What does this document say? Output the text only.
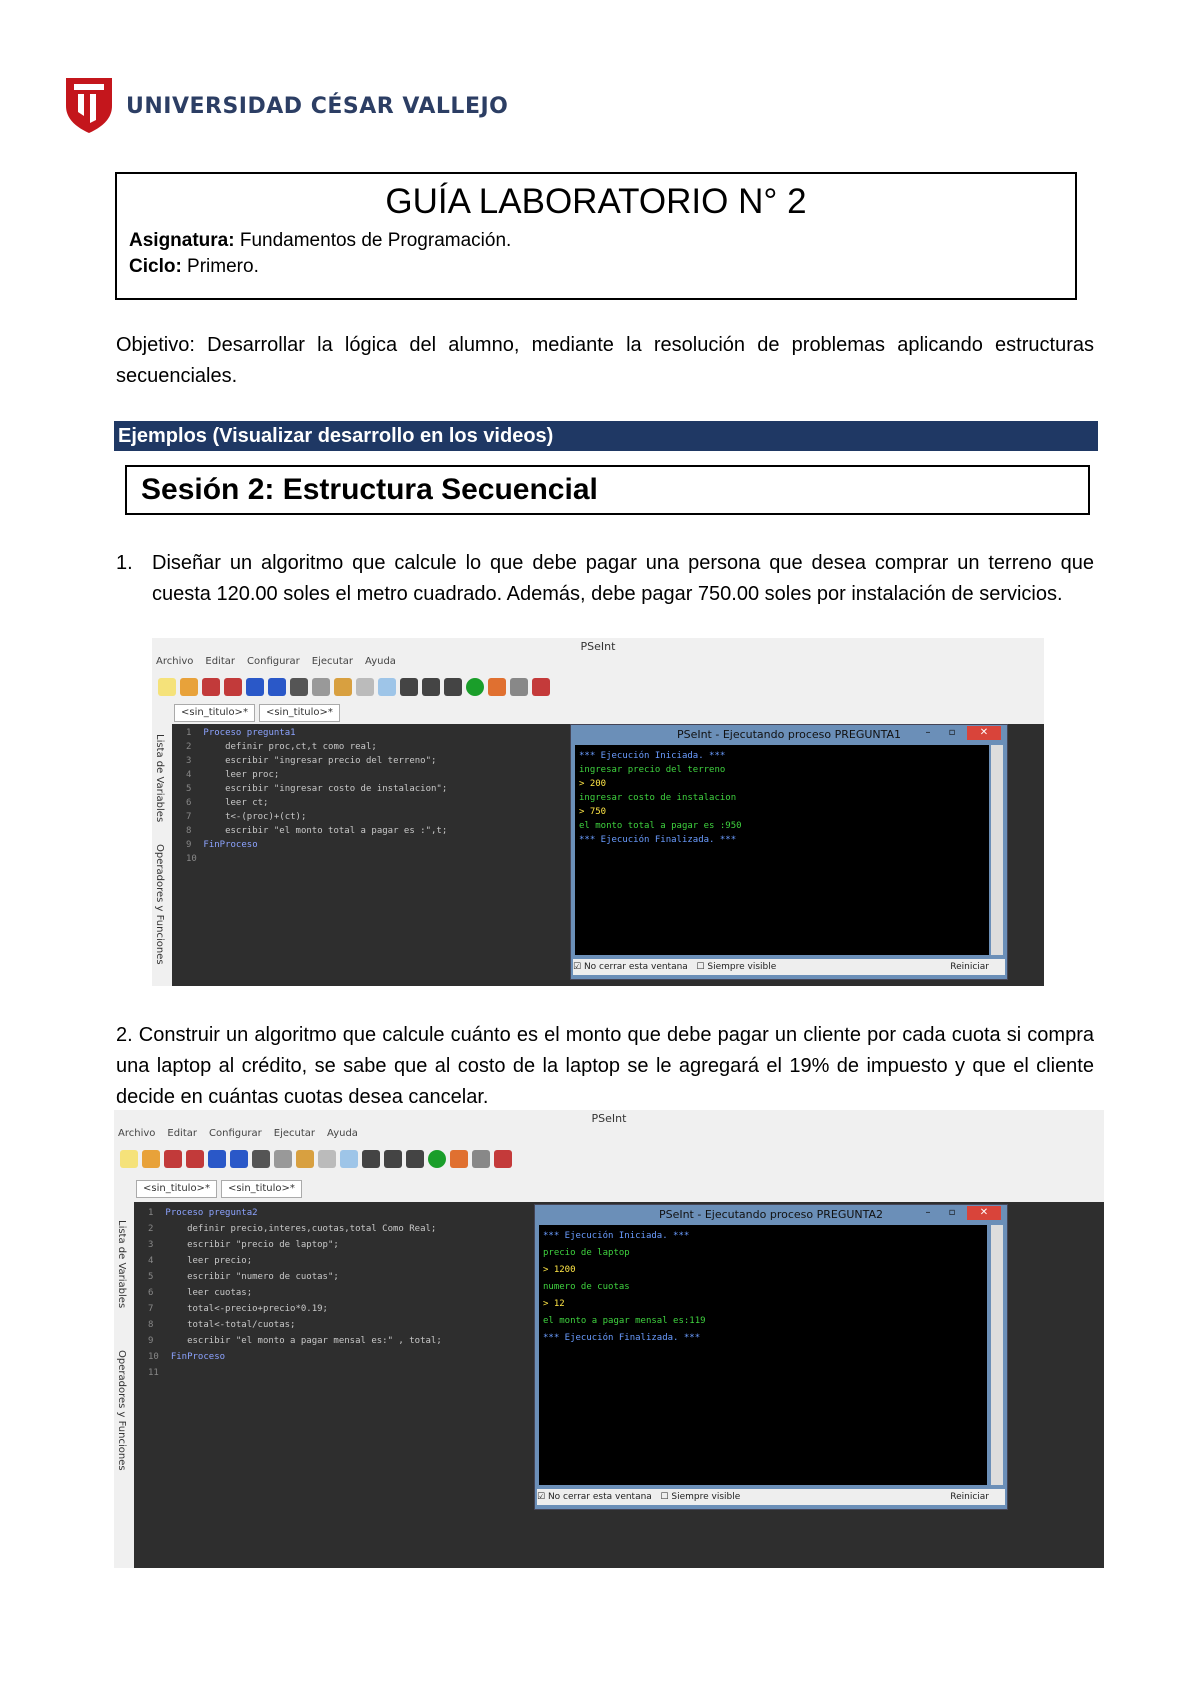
UNIVERSIDAD CÉSAR VALLEJO
GUÍA LABORATORIO N° 2
Asignatura: Fundamentos de Programación.
Ciclo: Primero.
Objetivo: Desarrollar la lógica del alumno, mediante la resolución de problemas aplicando estructuras secuenciales.
Ejemplos (Visualizar desarrollo en los videos)
Sesión 2: Estructura Secuencial
1. Diseñar un algoritmo que calcule lo que debe pagar una persona que desea comprar un terreno que cuesta 120.00 soles el metro cuadrado. Además, debe pagar 750.00 soles por instalación de servicios.
PSeInt
Archivo Editar Configurar Ejecutar Ayuda
<sin_titulo>*	<sin_titulo>*
Lista de Variables
Operadores y Funciones
1 Proceso pregunta1
2    definir proc,ct,t como real;
3    escribir "ingresar precio del terreno";
4    leer proc;
5    escribir "ingresar costo de instalacion";
6    leer ct;
7    t<-(proc)+(ct);
8    escribir "el monto total a pagar es :",t;
9 FinProceso
10
PSeInt - Ejecutando proceso PREGUNTA1	–	▫	✕
*** Ejecución Iniciada. ***
ingresar precio del terreno
> 200
ingresar costo de instalacion
> 750
el monto total a pagar es :950
*** Ejecución Finalizada. ***
☑ No cerrar esta ventana ☐ Siempre visible	Reiniciar
2. Construir un algoritmo que calcule cuánto es el monto que debe pagar un cliente por cada cuota si compra una laptop al crédito, se sabe que al costo de la laptop se le agregará el 19% de impuesto y que el cliente decide en cuántas cuotas desea cancelar.
PSeInt
Archivo Editar Configurar Ejecutar Ayuda
<sin_titulo>*	<sin_titulo>*
Lista de Variables
Operadores y Funciones
1 Proceso pregunta2
2    definir precio,interes,cuotas,total Como Real;
3    escribir "precio de laptop";
4    leer precio;
5    escribir "numero de cuotas";
6    leer cuotas;
7    total<-precio+precio*0.19;
8    total<-total/cuotas;
9    escribir "el monto a pagar mensal es:" , total;
10 FinProceso
11
PSeInt - Ejecutando proceso PREGUNTA2	–	▫	✕
*** Ejecución Iniciada. ***
precio de laptop
> 1200
numero de cuotas
> 12
el monto a pagar mensal es:119
*** Ejecución Finalizada. ***
☑ No cerrar esta ventana ☐ Siempre visible	Reiniciar
